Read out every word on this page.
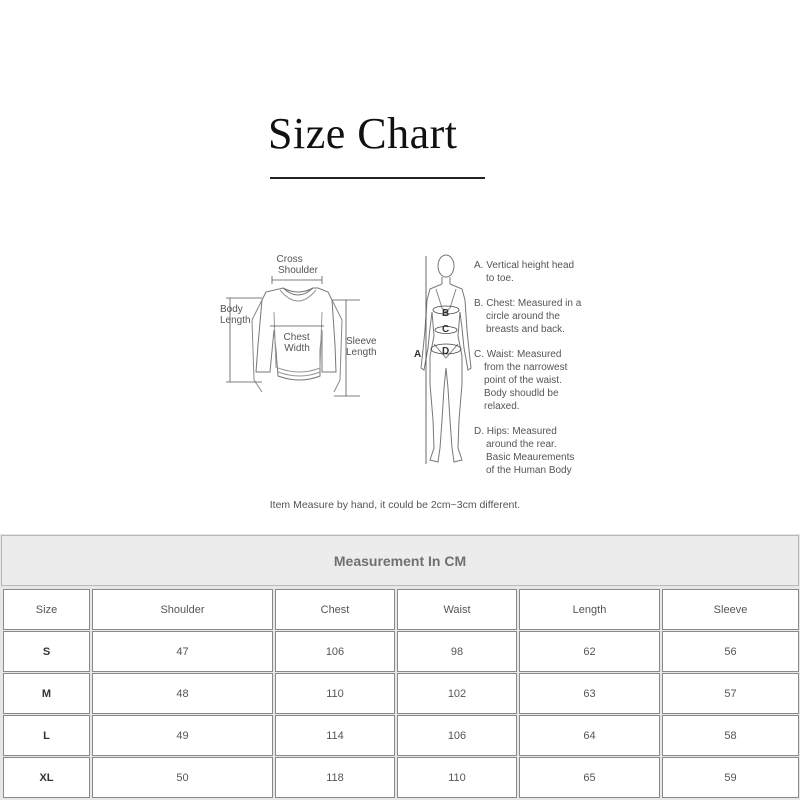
Size Chart
Cross Shoulder
Body Length
Chest Width
Sleeve Length	A
B
C
D
A. Vertical height head to toe.
B. Chest: Measured in a circle around the breasts and back.
C. Waist: Measured from the narrowest point of the waist. Body shoudld be relaxed.
D. Hips: Measured around the rear. Basic Meaurements of the Human Body
Item Measure by hand, it could be 2cm~3cm different.
Measurement In CM
Size	Shoulder	Chest	Waist	Length	Sleeve
S	47	106	98	62	56
M	48	110	102	63	57
L	49	114	106	64	58
XL	50	118	110	65	59
